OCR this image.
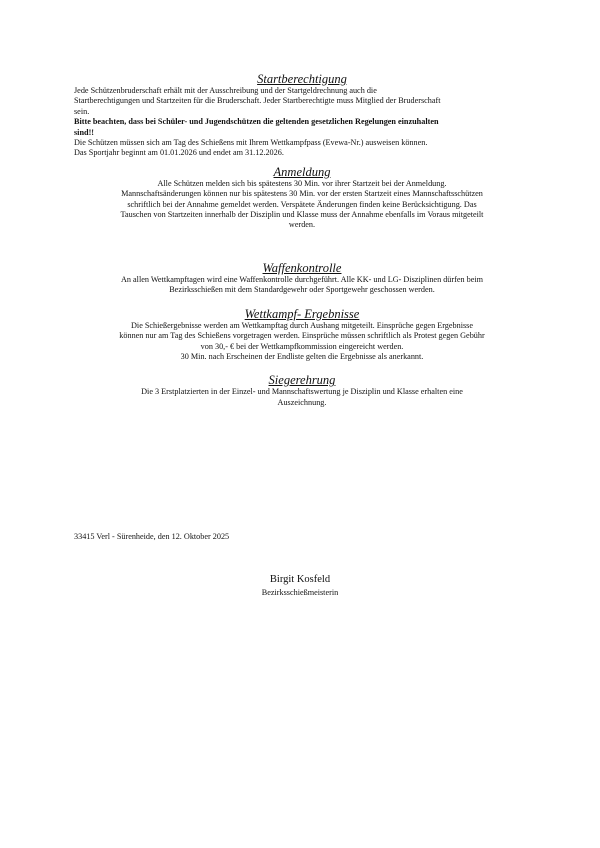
Startberechtigung

Jede Schützenbruderschaft erhält mit der Ausschreibung und der Startgeldrechnung auch die

Startberechtigungen und Startzeiten für die Bruderschaft. Jeder Startberechtigte muss Mitglied der Bruderschaft

sein.

Bitte beachten, dass bei Schüler- und Jugendschützen die geltenden gesetzlichen Regelungen einzuhalten

sind!!

Die Schützen müssen sich am Tag des Schießens mit Ihrem Wettkampfpass (Evewa-Nr.) ausweisen können.

Das Sportjahr beginnt am 01.01.2026 und endet am 31.12.2026.

Anmeldung

Alle Schützen melden sich bis spätestens 30 Min. vor ihrer Startzeit bei der Anmeldung.

Mannschaftsänderungen können nur bis spätestens 30 Min. vor der ersten Startzeit eines Mannschaftsschützen

schriftlich bei der Annahme gemeldet werden. Verspätete Änderungen finden keine Berücksichtigung. Das

Tauschen von Startzeiten innerhalb der Disziplin und Klasse muss der Annahme ebenfalls im Voraus mitgeteilt

werden.

Waffenkontrolle

An allen Wettkampftagen wird eine Waffenkontrolle durchgeführt. Alle KK- und LG- Disziplinen dürfen beim

Bezirksschießen mit dem Standardgewehr oder Sportgewehr geschossen werden.

Wettkampf- Ergebnisse

Die Schießergebnisse werden am Wettkampftag durch Aushang mitgeteilt. Einsprüche gegen Ergebnisse

können nur am Tag des Schießens vorgetragen werden. Einsprüche müssen schriftlich als Protest gegen Gebühr

von 30,- € bei der Wettkampfkommission eingereicht werden.

30 Min. nach Erscheinen der Endliste gelten die Ergebnisse als anerkannt.

Siegerehrung

Die 3 Erstplatzierten in der Einzel- und Mannschaftswertung je Disziplin und Klasse erhalten eine

Auszeichnung.

33415 Verl - Sürenheide, den 12. Oktober 2025
Birgit Kosfeld
Bezirksschießmeisterin
